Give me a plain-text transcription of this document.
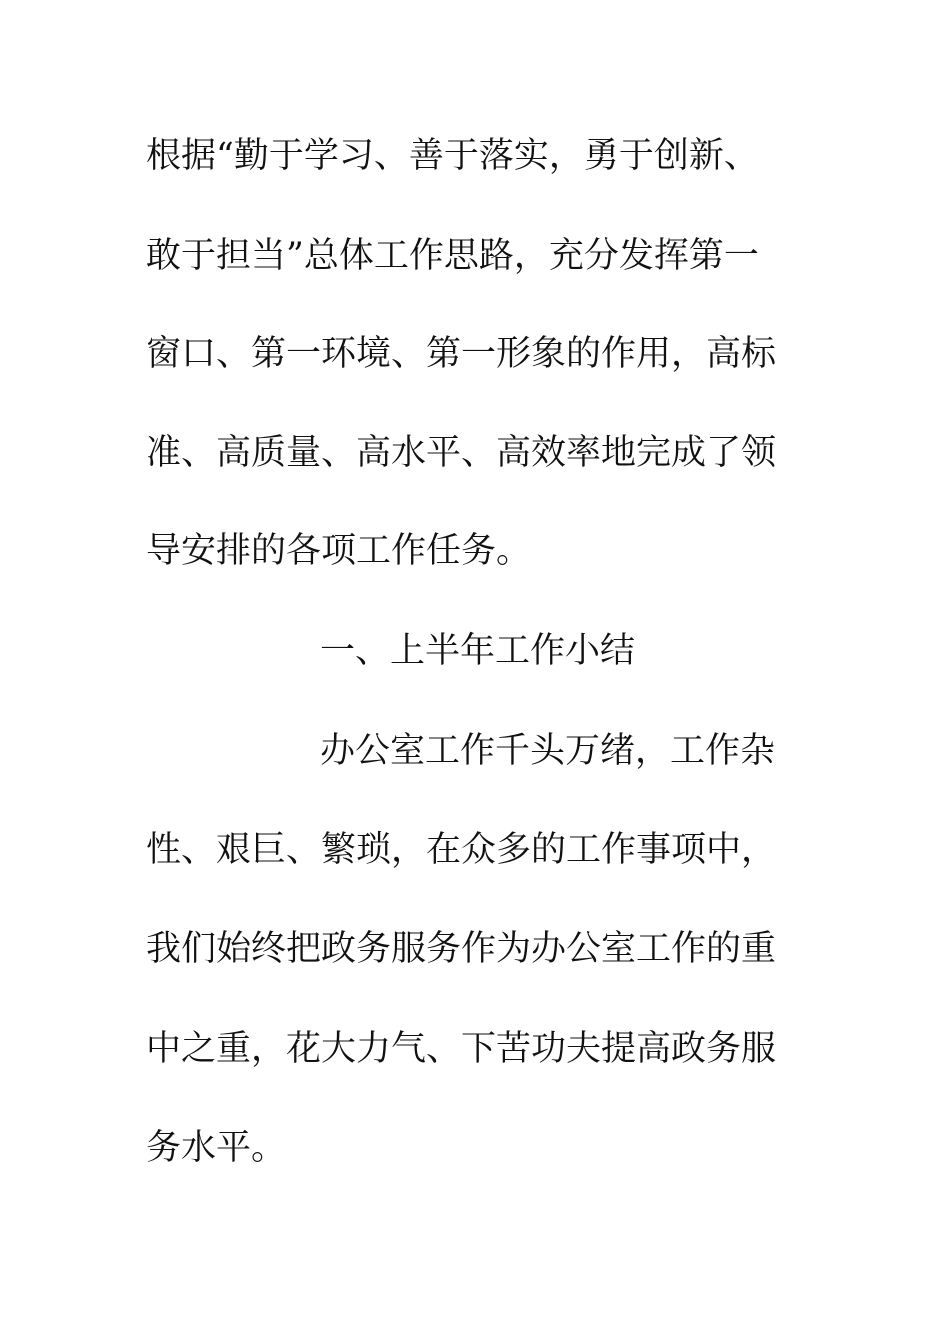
根据“勤于学习、善于落实，勇于创新、
敢于担当”总体工作思路，充分发挥第一
窗口、第一环境、第一形象的作用，高标
准、高质量、高水平、高效率地完成了领
导安排的各项工作任务。
一、上半年工作小结
办公室工作千头万绪，工作杂
性、艰巨、繁琐，在众多的工作事项中，
我们始终把政务服务作为办公室工作的重
中之重，花大力气、下苦功夫提高政务服
务水平。
